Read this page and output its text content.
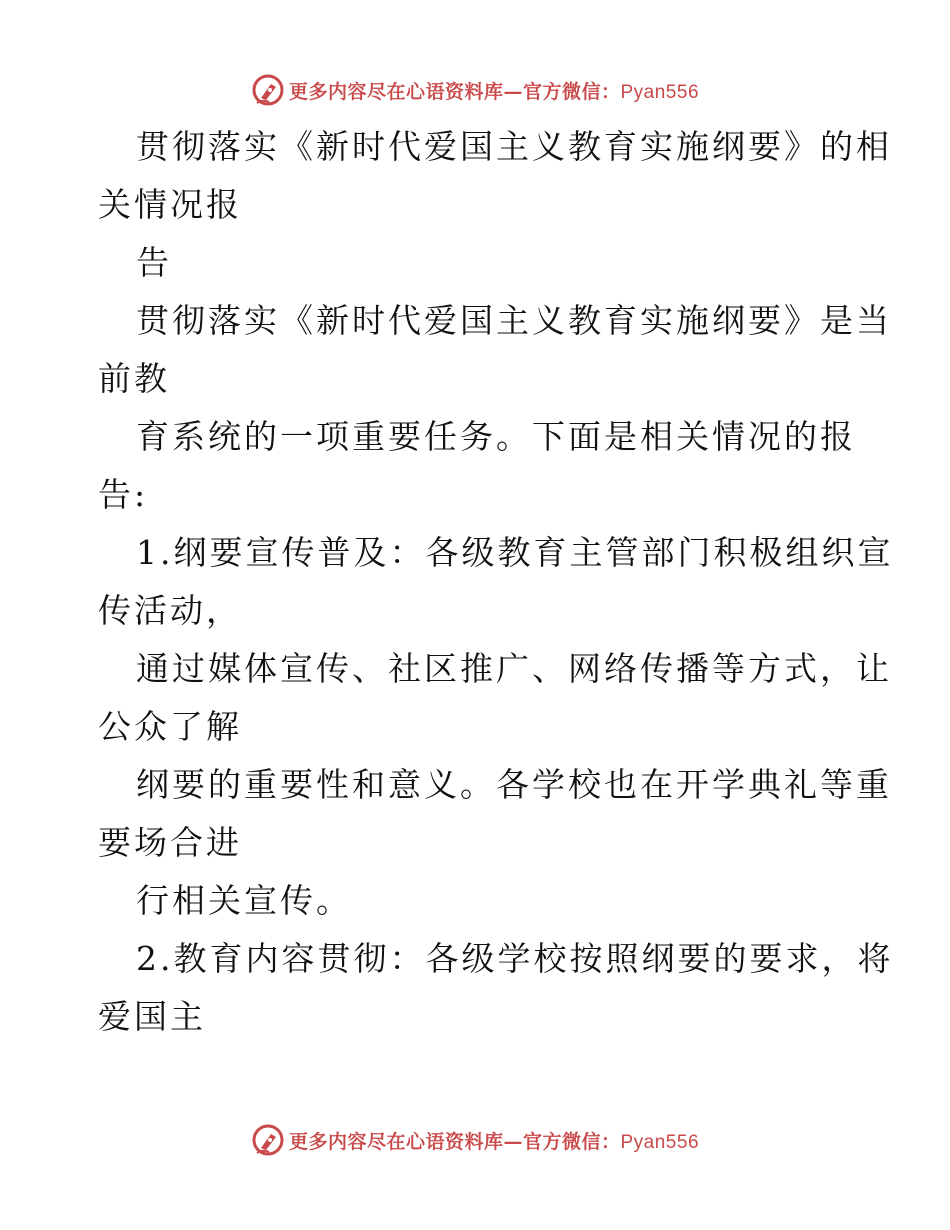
更多内容尽在心语资料库—官方微信：Pyan556
贯彻落实《新时代爱国主义教育实施纲要》的相
关情况报
告
贯彻落实《新时代爱国主义教育实施纲要》是当
前教
育系统的一项重要任务。下面是相关情况的报
告:
1.纲要宣传普及：各级教育主管部门积极组织宣
传活动，
通过媒体宣传、社区推广、网络传播等方式，让
公众了解
纲要的重要性和意义。各学校也在开学典礼等重
要场合进
行相关宣传。
2.教育内容贯彻：各级学校按照纲要的要求，将
爱国主
更多内容尽在心语资料库—官方微信：Pyan556
